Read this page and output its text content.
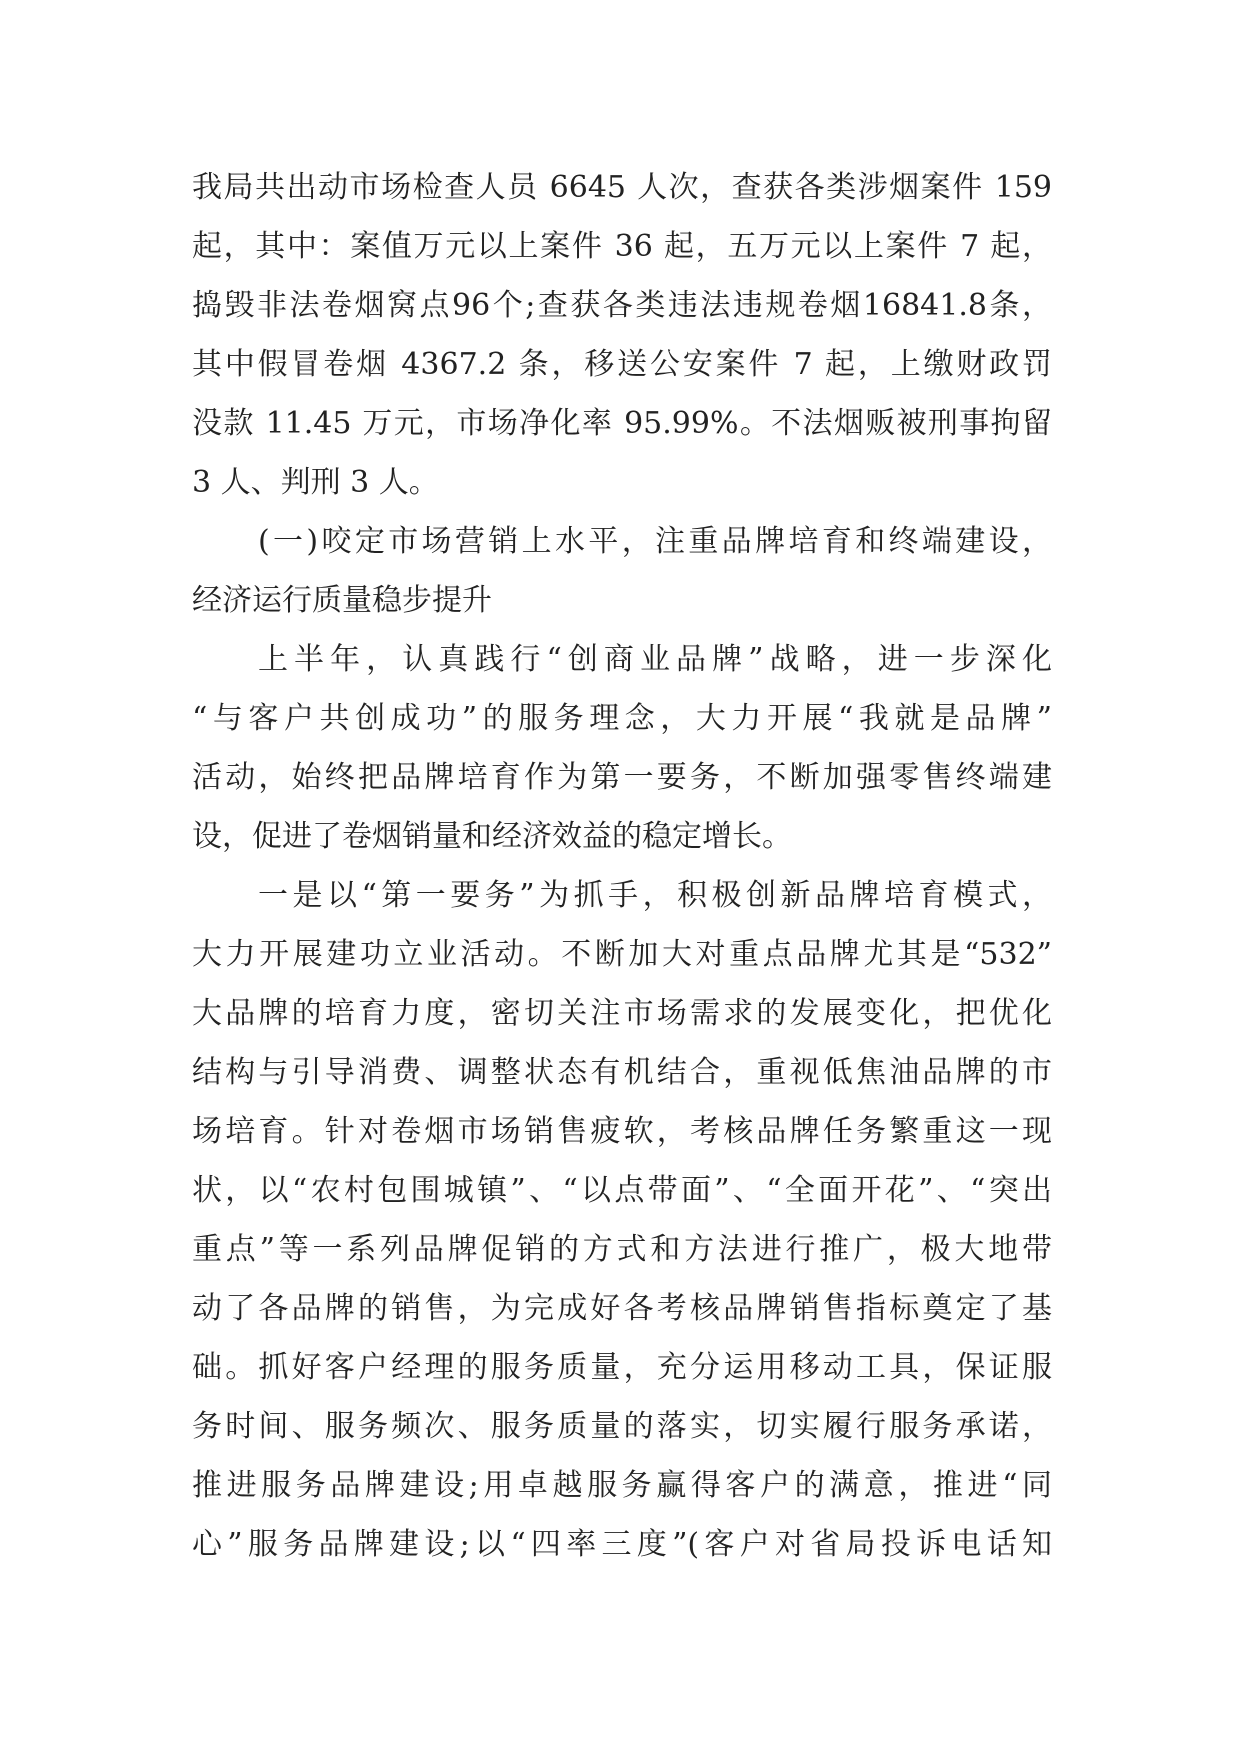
我局共出动市场检查人员 6645 人次，查获各类涉烟案件 159
起，其中：案值万元以上案件 36 起，五万元以上案件 7 起，
捣毁非法卷烟窝点96个;查获各类违法违规卷烟16841.8条，
其中假冒卷烟 4367.2 条，移送公安案件 7 起，上缴财政罚
没款 11.45 万元，市场净化率 95.99%。不法烟贩被刑事拘留
3 人、判刑 3 人。
(一)咬定市场营销上水平，注重品牌培育和终端建设，
经济运行质量稳步提升
上半年，认真践行“创商业品牌”战略，进一步深化
“与客户共创成功”的服务理念，大力开展“我就是品牌”
活动，始终把品牌培育作为第一要务，不断加强零售终端建
设，促进了卷烟销量和经济效益的稳定增长。
一是以“第一要务”为抓手，积极创新品牌培育模式，
大力开展建功立业活动。不断加大对重点品牌尤其是“532”
大品牌的培育力度，密切关注市场需求的发展变化，把优化
结构与引导消费、调整状态有机结合，重视低焦油品牌的市
场培育。针对卷烟市场销售疲软，考核品牌任务繁重这一现
状，以“农村包围城镇”、“以点带面”、“全面开花”、“突出
重点”等一系列品牌促销的方式和方法进行推广，极大地带
动了各品牌的销售，为完成好各考核品牌销售指标奠定了基
础。抓好客户经理的服务质量，充分运用移动工具，保证服
务时间、服务频次、服务质量的落实，切实履行服务承诺，
推进服务品牌建设;用卓越服务赢得客户的满意，推进“同
心”服务品牌建设;以“四率三度”(客户对省局投诉电话知
